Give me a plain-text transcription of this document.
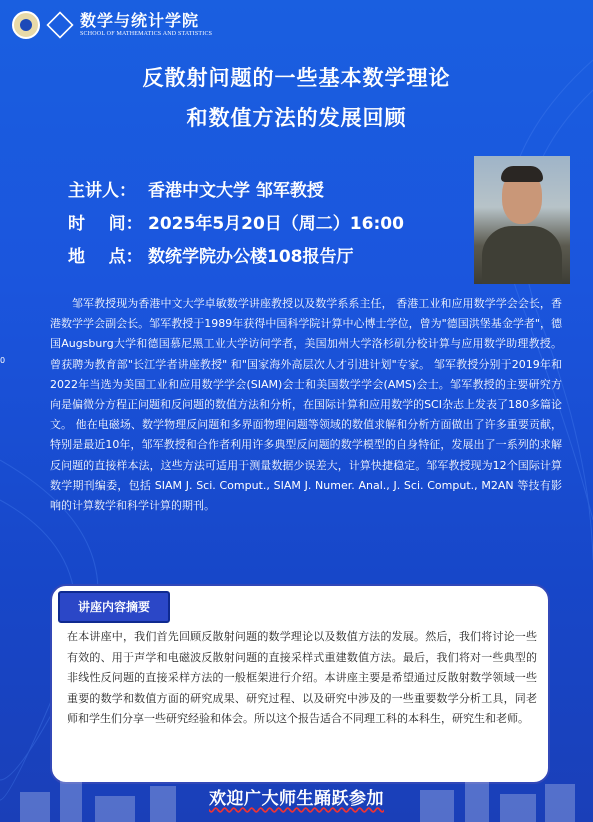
数学与统计学院
SCHOOL OF MATHEMATICS AND STATISTICS
反散射问题的一些基本数学理论
和数值方法的发展回顾
主讲人： 香港中文大学 邹军教授
时    间： 2025年5月20日（周二）16:00
地    点： 数统学院办公楼108报告厅
0
邹军教授现为香港中文大学卓敏数学讲座教授以及数学系系主任， 香港工业和应用数学学会会长，香港数学学会副会长。邹军教授于1989年获得中国科学院计算中心博士学位，曾为"德国洪堡基金学者"，德国Augsburg大学和德国慕尼黑工业大学访问学者，美国加州大学洛杉矶分校计算与应用数学助理教授。曾获聘为教育部"长江学者讲座教授" 和"国家海外高层次人才引进计划"专家。 邹军教授分别于2019年和2022年当选为美国工业和应用数学学会(SIAM)会士和美国数学学会(AMS)会士。邹军教授的主要研究方向是偏微分方程正问题和反问题的数值方法和分析，在国际计算和应用数学的SCI杂志上发表了180多篇论文。 他在电磁场、数学物理反问题和多界面物理问题等领域的数值求解和分析方面做出了许多重要贡献，特别是最近10年，邹军教授和合作者利用许多典型反问题的数学模型的自身特征，发展出了一系列的求解反问题的直接样本法，这些方法可适用于测量数据少误差大，计算快捷稳定。邹军教授现为12个国际计算数学期刊编委，包括 SIAM J. Sci. Comput., SIAM J. Numer. Anal., J. Sci. Comput., M2AN 等技有影响的计算数学和科学计算的期刊。
讲座内容摘要
在本讲座中，我们首先回顾反散射问题的数学理论以及数值方法的发展。然后，我们将讨论一些有效的、用于声学和电磁波反散射问题的直接采样式重建数值方法。最后，我们将对一些典型的非线性反问题的直接采样方法的一般框架进行介绍。本讲座主要是希望通过反散射数学领域一些重要的数学和数值方面的研究成果、研究过程、以及研究中涉及的一些重要数学分析工具，同老师和学生们分享一些研究经验和体会。所以这个报告适合不同理工科的本科生，研究生和老师。
欢迎广大师生踊跃参加
